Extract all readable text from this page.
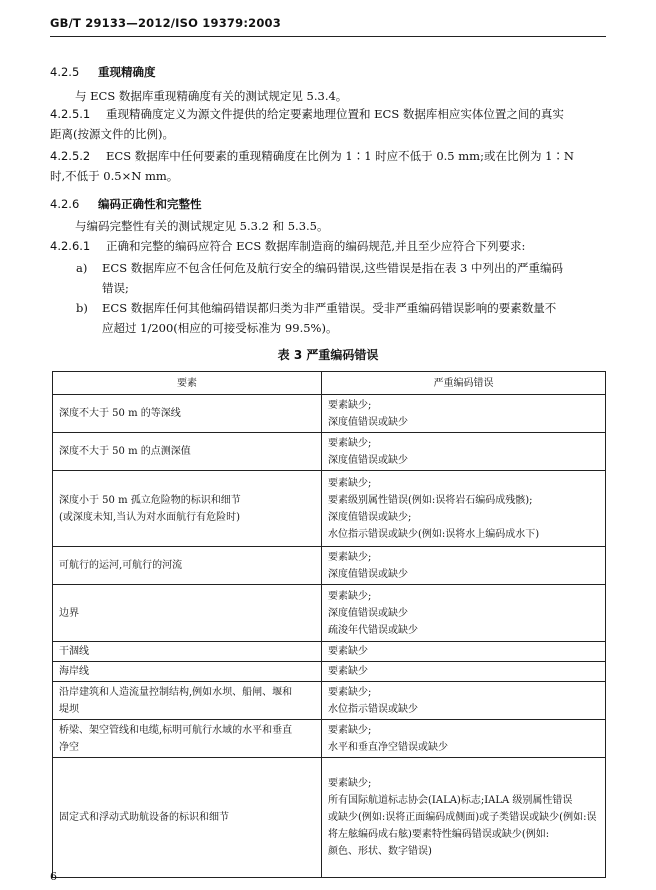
GB/T 29133—2012/ISO 19379:2003
4.2.5 重现精确度
与 ECS 数据库重现精确度有关的测试规定见 5.3.4。
4.2.5.1 重现精确度定义为源文件提供的给定要素地理位置和 ECS 数据库相应实体位置之间的真实
距离(按源文件的比例)。
4.2.5.2 ECS 数据库中任何要素的重现精确度在比例为 1∶1 时应不低于 0.5 mm;或在比例为 1∶N
时,不低于 0.5×N mm。
4.2.6 编码正确性和完整性
与编码完整性有关的测试规定见 5.3.2 和 5.3.5。
4.2.6.1 正确和完整的编码应符合 ECS 数据库制造商的编码规范,并且至少应符合下列要求:
a) ECS 数据库应不包含任何危及航行安全的编码错误,这些错误是指在表 3 中列出的严重编码
错误;
b) ECS 数据库任何其他编码错误都归类为非严重错误。受非严重编码错误影响的要素数量不
应超过 1/200(相应的可接受标准为 99.5%)。
表 3 严重编码错误
要素	严重编码错误
深度不大于 50 m 的等深线	要素缺少;
深度值错误或缺少
深度不大于 50 m 的点测深值	要素缺少;
深度值错误或缺少
深度小于 50 m 孤立危险物的标识和细节
(或深度未知,当认为对水面航行有危险时)	要素缺少;
要素级别属性错误(例如:误将岩石编码成残骸);
深度值错误或缺少;
水位指示错误或缺少(例如:误将水上编码成水下)
可航行的运河,可航行的河流	要素缺少;
深度值错误或缺少
边界	要素缺少;
深度值错误或缺少
疏浚年代错误或缺少
干涸线	要素缺少
海岸线	要素缺少
沿岸建筑和人造流量控制结构,例如水坝、船闸、堰和
堤坝	要素缺少;
水位指示错误或缺少
桥梁、架空管线和电缆,标明可航行水域的水平和垂直
净空	要素缺少;
水平和垂直净空错误或缺少
固定式和浮动式助航设备的标识和细节	要素缺少;
所有国际航道标志协会(IALA)标志;IALA 级别属性错误
或缺少(例如:误将正面编码成侧面)或子类错误或缺少(例如:误将左舷编码成右舷)要素特性编码错误或缺少(例如:
颜色、形状、数字错误)
6
